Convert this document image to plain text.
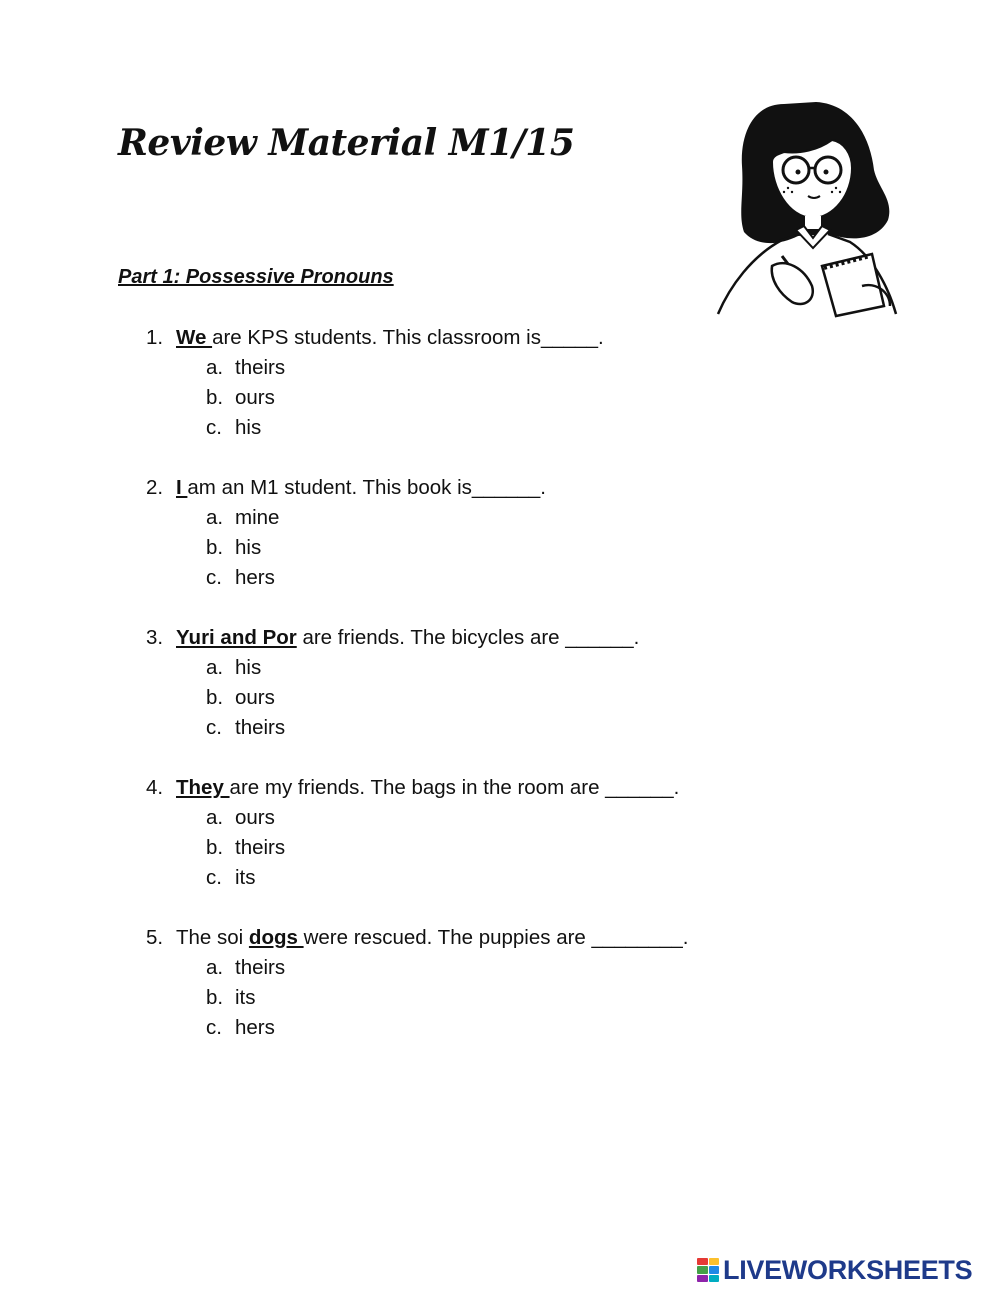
Review Material M1/15
Part 1: Possessive Pronouns
1. We are KPS students. This classroom is_____.
a. theirs
b. ours
c. his
2. I am an M1 student. This book is______.
a. mine
b. his
c. hers
3. Yuri and Por are friends. The bicycles are ______.
a. his
b. ours
c. theirs
4. They are my friends. The bags in the room are ______.
a. ours
b. theirs
c. its
5. The soi dogs were rescued. The puppies are ________.
a. theirs
b. its
c. hers
LIVEWORKSHEETS
